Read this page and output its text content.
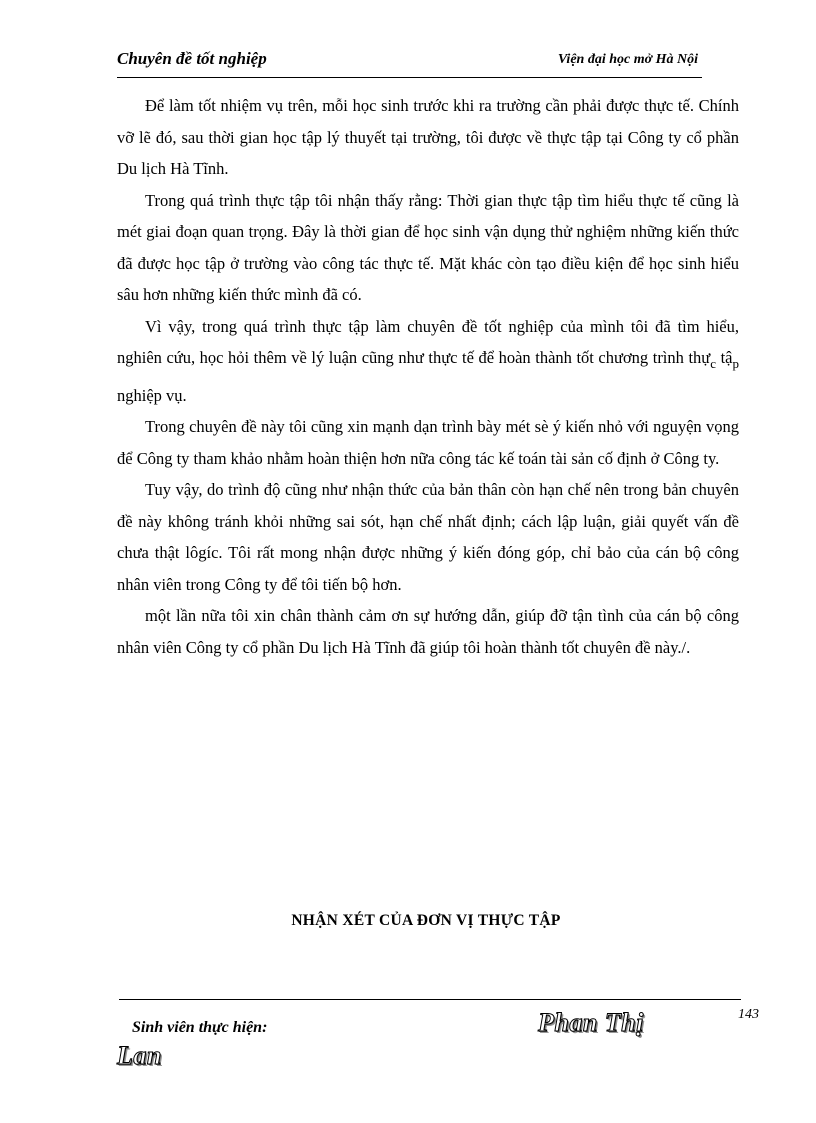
Chuyên đề tốt nghiệp	Viện đại học mở Hà Nội

Để làm tốt nhiệm vụ trên, mỗi học sinh trước khi ra trường cần phải được thực tế. Chính vỡ lẽ đó, sau thời gian học tập lý thuyết tại trường, tôi được về thực tập tại Công ty cổ phần Du lịch Hà Tĩnh.

Trong quá trình thực tập tôi nhận thấy rằng: Thời gian thực tập tìm hiểu thực tế cũng là mét giai đoạn quan trọng. Đây là thời gian để học sinh vận dụng thử nghiệm những kiến thức đã được học tập ở trường vào công tác thực tế. Mặt khác còn tạo điều kiện để học sinh hiểu sâu hơn những kiến thức mình đã có.

Vì vậy, trong quá trình thực tập làm chuyên đề tốt nghiệp của mình tôi đã tìm hiểu, nghiên cứu, học hỏi thêm về lý luận cũng như thực tế để hoàn thành tốt chương trình thự$_c$ tậ$_p$ nghiệp vụ.

Trong chuyên đề này tôi cũng xin mạnh dạn trình bày mét sè ý kiến nhỏ với nguyện vọng để Công ty tham khảo nhằm hoàn thiện hơn nữa công tác kế toán tài sản cố định ở Công ty.

Tuy vậy, do trình độ cũng như nhận thức của bản thân còn hạn chế nên trong bản chuyên đề này không tránh khỏi những sai sót, hạn chế nhất định; cách lập luận, giải quyết vấn đề chưa thật lôgíc. Tôi rất mong nhận được những ý kiến đóng góp, chỉ bảo của cán bộ công nhân viên trong Công ty để tôi tiến bộ hơn.

một lần nữa tôi xin chân thành cảm ơn sự hướng dẫn, giúp đỡ tận tình của cán bộ công nhân viên Công ty cổ phần Du lịch Hà Tĩnh đã giúp tôi hoàn thành tốt chuyên đề này./.

NHẬN XÉT CỦA ĐƠN VỊ THỰC TẬP
143
Sinh viên thực hiện:	Phan Thị
Lan
